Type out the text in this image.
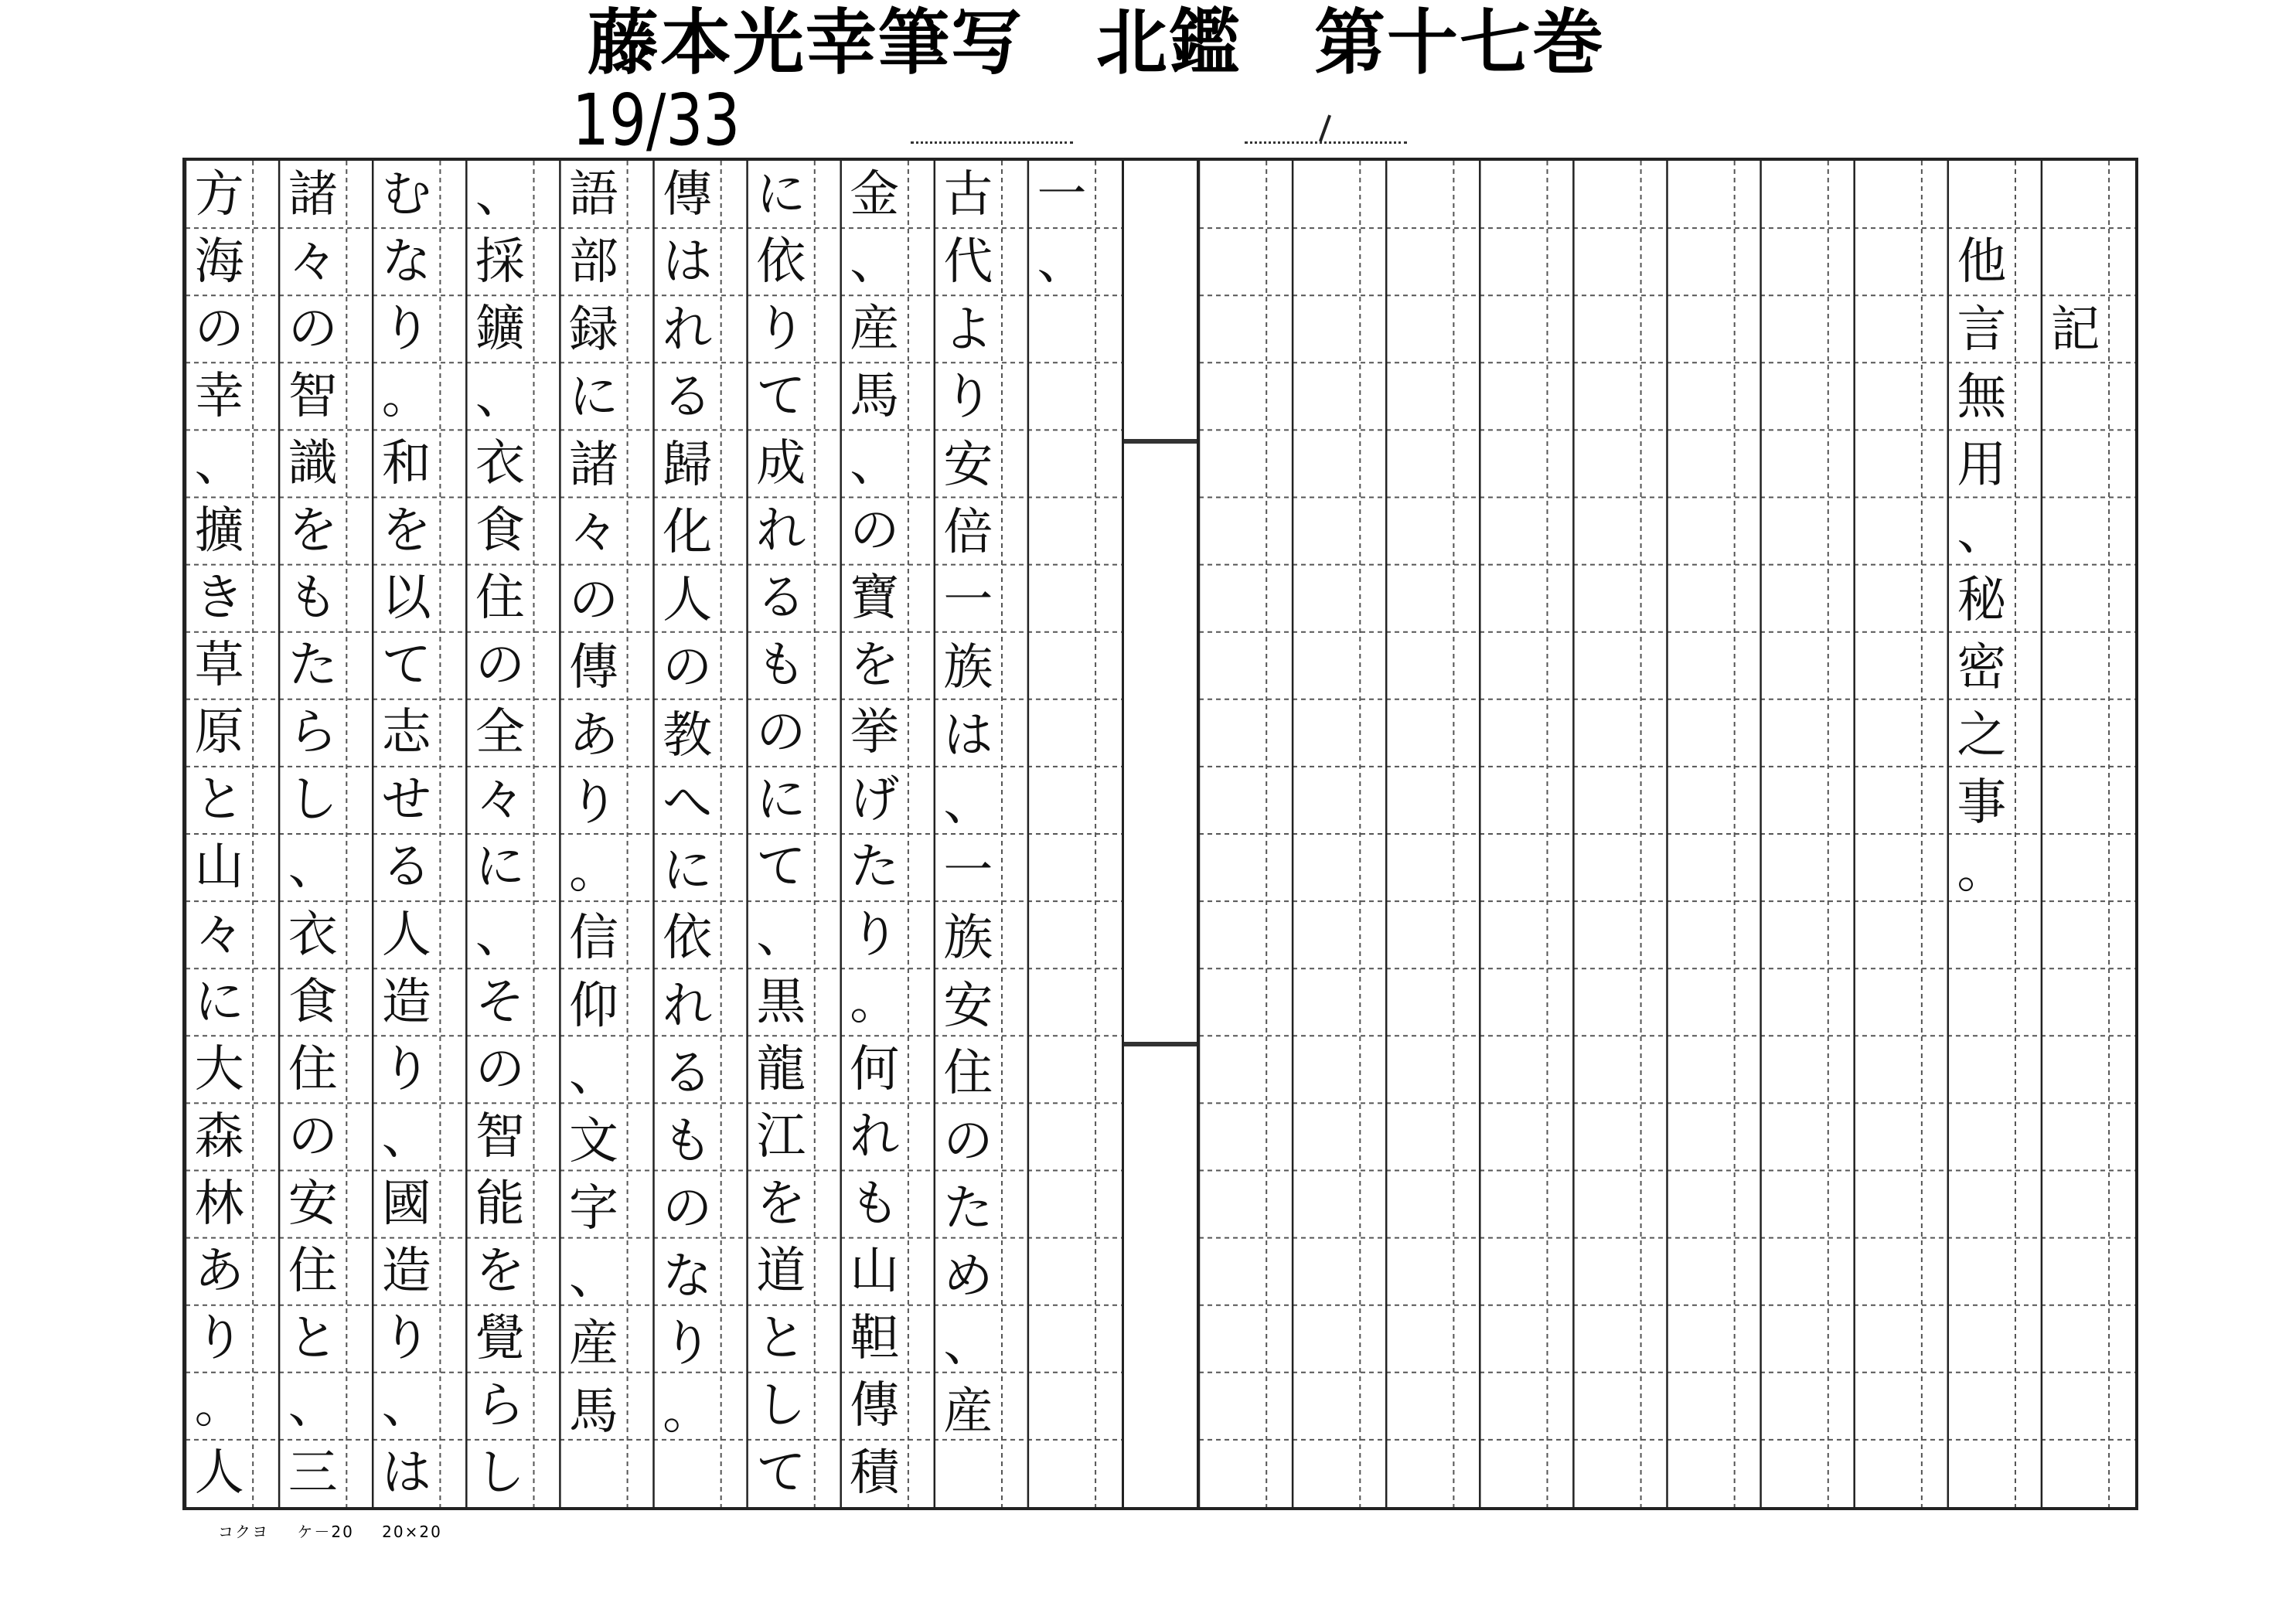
藤本光幸筆写　北鑑　第十七巻
19/33
記
他
言
無
用
、
秘
密
之
事
。
一
、
古
代
よ
り
安
倍
一
族
は
、
一
族
安
住
の
た
め
、
産
金
、
産
馬
、
の
寶
を
挙
げ
た
り
。
何
れ
も
山
靼
傳
積
に
依
り
て
成
れ
る
も
の
に
て
、
黒
龍
江
を
道
と
し
て
傳
は
れ
る
歸
化
人
の
教
へ
に
依
れ
る
も
の
な
り
。
語
部
録
に
諸
々
の
傳
あ
り
。
信
仰
、
文
字
、
産
馬
、
採
鑛
、
衣
食
住
の
全
々
に
、
そ
の
智
能
を
覺
ら
し
む
な
り
。
和
を
以
て
志
せ
る
人
造
り
、
國
造
り
、
は
諸
々
の
智
識
を
も
た
ら
し
、
衣
食
住
の
安
住
と
、
三
方
海
の
幸
、
擴
き
草
原
と
山
々
に
大
森
林
あ
り
。
人
コクヨ ケ－20 20×20
